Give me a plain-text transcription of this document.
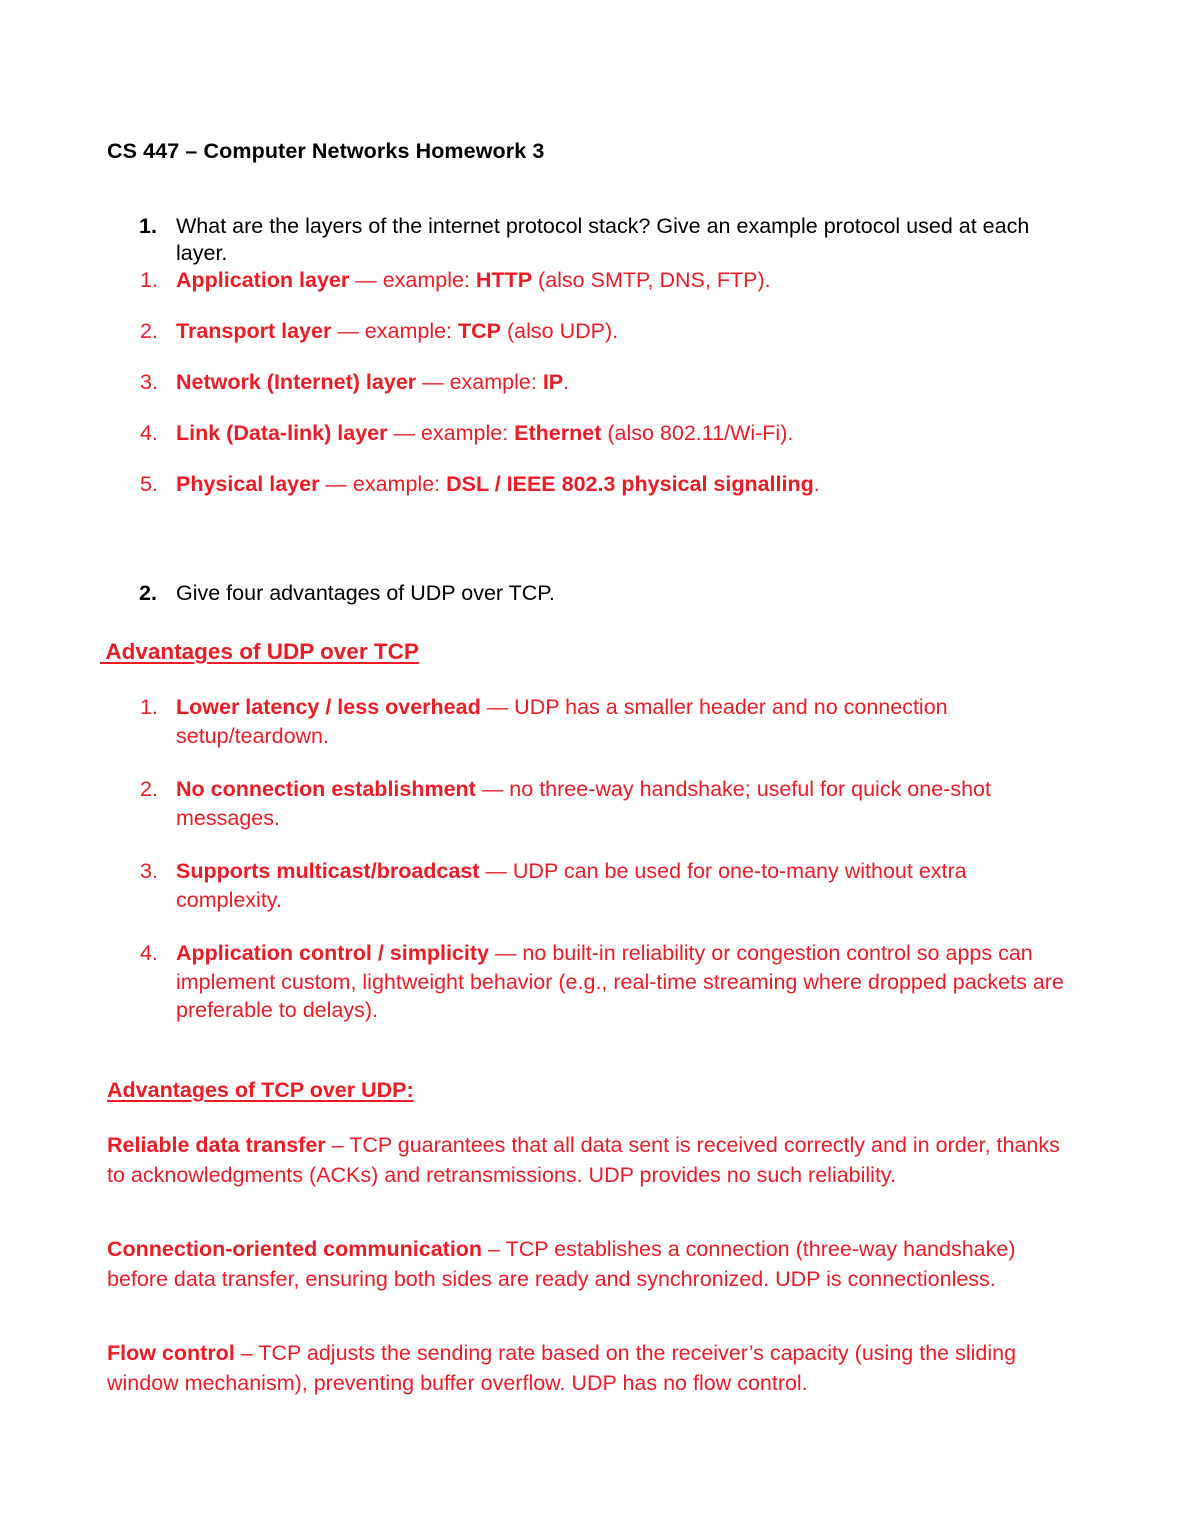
CS 447 – Computer Networks Homework 3
1. What are the layers of the internet protocol stack? Give an example protocol used at each layer.
1. Application layer — example: HTTP (also SMTP, DNS, FTP).
2. Transport layer — example: TCP (also UDP).
3. Network (Internet) layer — example: IP.
4. Link (Data-link) layer — example: Ethernet (also 802.11/Wi-Fi).
5. Physical layer — example: DSL / IEEE 802.3 physical signalling.
2. Give four advantages of UDP over TCP.
Advantages of UDP over TCP
1. Lower latency / less overhead — UDP has a smaller header and no connection setup/teardown.
2. No connection establishment — no three-way handshake; useful for quick one-shot messages.
3. Supports multicast/broadcast — UDP can be used for one-to-many without extra complexity.
4. Application control / simplicity — no built-in reliability or congestion control so apps can implement custom, lightweight behavior (e.g., real-time streaming where dropped packets are preferable to delays).
Advantages of TCP over UDP:
Reliable data transfer – TCP guarantees that all data sent is received correctly and in order, thanks to acknowledgments (ACKs) and retransmissions. UDP provides no such reliability.
Connection-oriented communication – TCP establishes a connection (three-way handshake) before data transfer, ensuring both sides are ready and synchronized. UDP is connectionless.
Flow control – TCP adjusts the sending rate based on the receiver’s capacity (using the sliding window mechanism), preventing buffer overflow. UDP has no flow control.
